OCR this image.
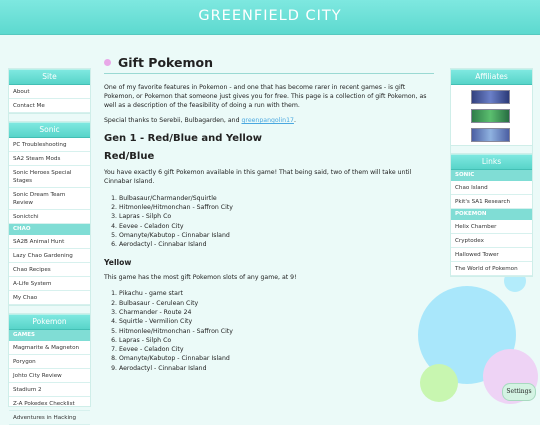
GREENFIELD CITY
Site
About
Contact Me
Sonic
PC Troubleshooting
SA2 Steam Mods
Sonic Heroes Special Stages
Sonic Dream Team Review
Sonictchi
CHAO
SA2B Animal Hunt
Lazy Chao Gardening
Chao Recipes
A-Life System
My Chao
Pokemon
GAMES
Magmarite & Magneton
Porygon
Johto City Review
Stadium 2
Z-A Pokedex Checklist
Adventures in Hacking
Affiliates
Links
SONIC
Chao Island
Pkit's SA1 Research
POKEMON
Helix Chamber
Cryptodex
Hallowed Tower
The World of Pokemon
Gift Pokemon

One of my favorite features in Pokemon - and one that has become rarer in recent games - is gift Pokemon, or Pokemon that someone just gives you for free. This page is a collection of gift Pokemon, as well as a description of the feasibility of doing a run with them.

Special thanks to Serebii, Bulbagarden, and greenpangolin17.

Gen 1 - Red/Blue and Yellow
Red/Blue

You have exactly 6 gift Pokemon available in this game! That being said, two of them will take until Cinnabar Island.

1. Bulbasaur/Charmander/Squirtle
2. Hitmonlee/Hitmonchan - Saffron City
3. Lapras - Silph Co
4. Eevee - Celadon City
5. Omanyte/Kabutop - Cinnabar Island
6. Aerodactyl - Cinnabar Island
Yellow

This game has the most gift Pokemon slots of any game, at 9!

1. Pikachu - game start
2. Bulbasaur - Cerulean City
3. Charmander - Route 24
4. Squirtle - Vermilion City
5. Hitmonlee/Hitmonchan - Saffron City
6. Lapras - Silph Co
7. Eevee - Celadon City
8. Omanyte/Kabutop - Cinnabar Island
9. Aerodactyl - Cinnabar Island
Settings
